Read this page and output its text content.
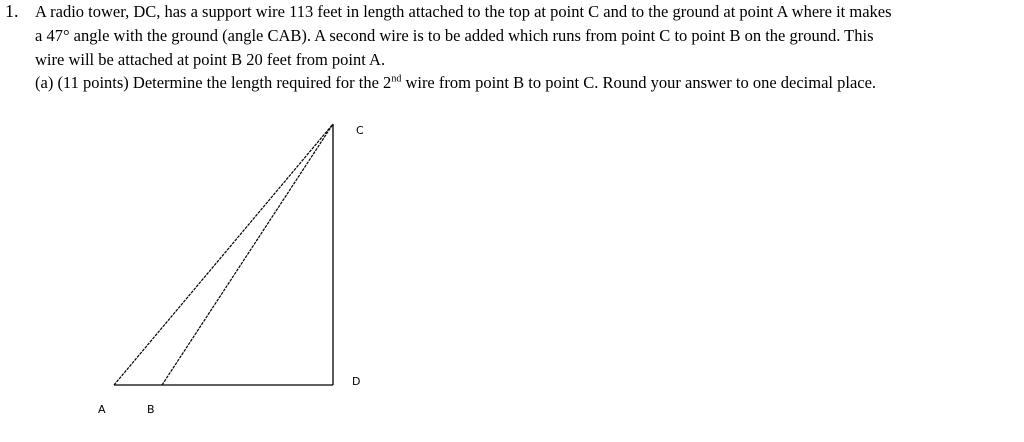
1. A radio tower, DC, has a support wire 113 feet in length attached to the top at point C and to the ground at point A where it makes
a 47° angle with the ground (angle CAB). A second wire is to be added which runs from point C to point B on the ground. This
wire will be attached at point B 20 feet from point A.
(a) (11 points) Determine the length required for the 2nd wire from point B to point C. Round your answer to one decimal place.
C
D
A	B
